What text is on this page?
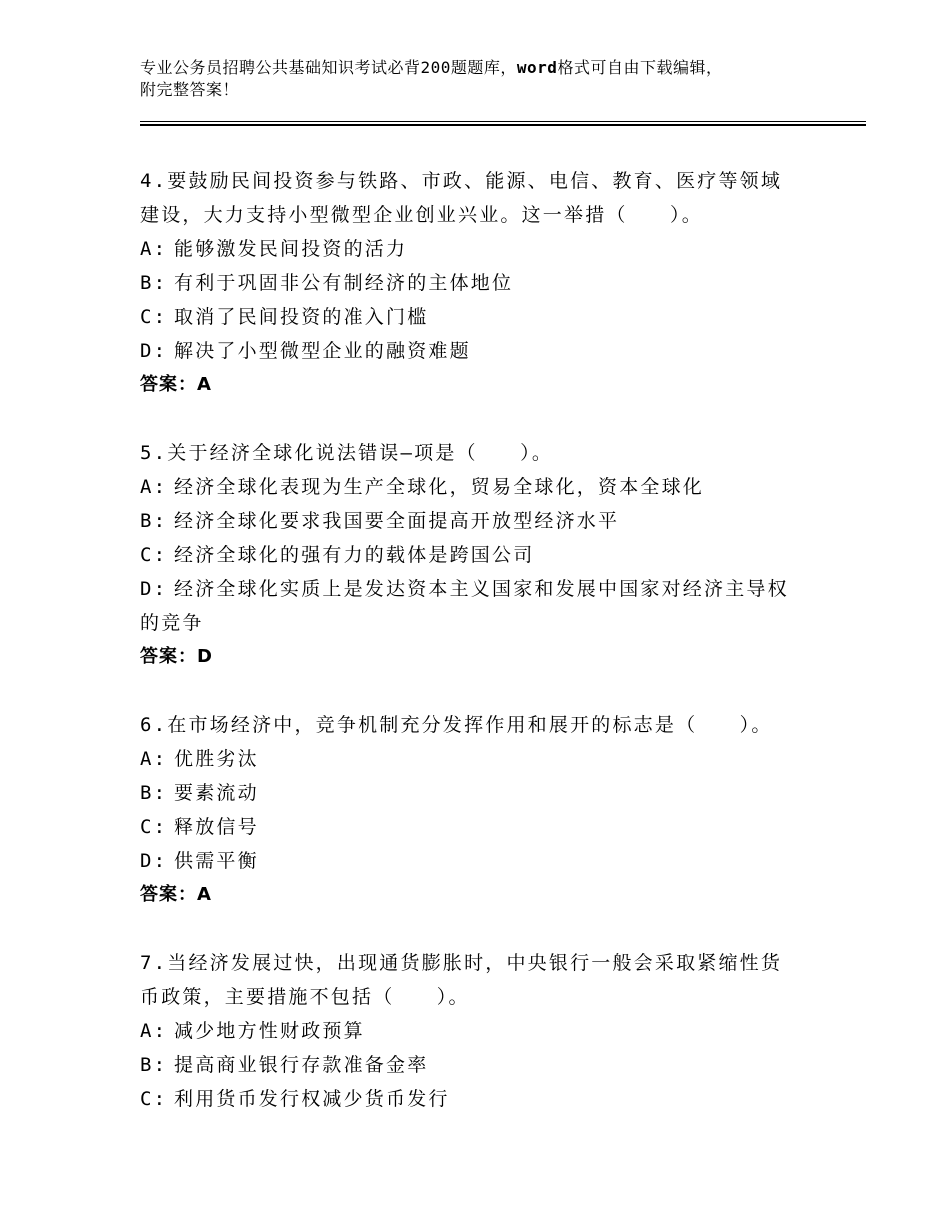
专业公务员招聘公共基础知识考试必背200题题库，word格式可自由下载编辑，
附完整答案！
4.要鼓励民间投资参与铁路、市政、能源、电信、教育、医疗等领域
建设，大力支持小型微型企业创业兴业。这一举措（　　）。
A: 能够激发民间投资的活力
B: 有利于巩固非公有制经济的主体地位
C: 取消了民间投资的准入门槛
D: 解决了小型微型企业的融资难题
答案：A
5.关于经济全球化说法错误—项是（　　）。
A: 经济全球化表现为生产全球化，贸易全球化，资本全球化
B: 经济全球化要求我国要全面提高开放型经济水平
C: 经济全球化的强有力的载体是跨国公司
D: 经济全球化实质上是发达资本主义国家和发展中国家对经济主导权
的竞争
答案：D
6.在市场经济中，竞争机制充分发挥作用和展开的标志是（　　）。
A: 优胜劣汰
B: 要素流动
C: 释放信号
D: 供需平衡
答案：A
7.当经济发展过快，出现通货膨胀时，中央银行一般会采取紧缩性货
币政策，主要措施不包括（　　）。
A: 减少地方性财政预算
B: 提高商业银行存款准备金率
C: 利用货币发行权减少货币发行
